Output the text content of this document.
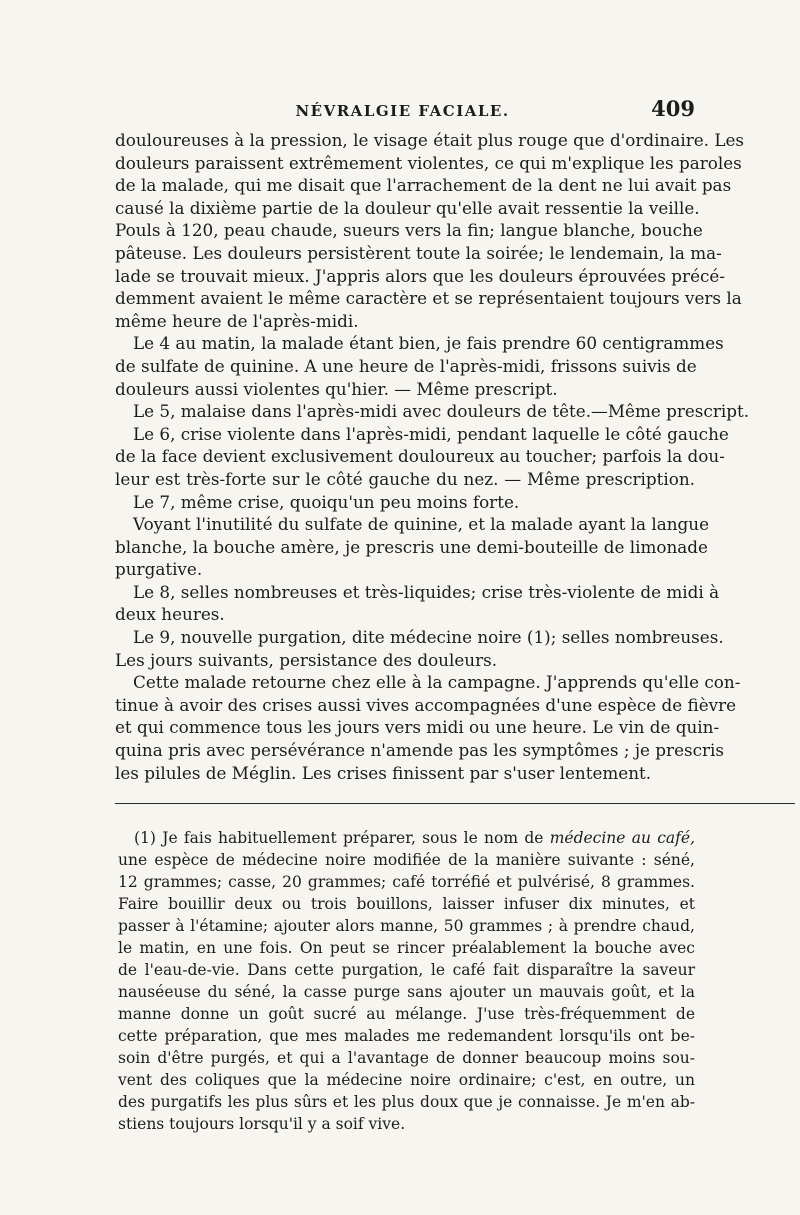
NÉVRALGIE FACIALE.	409
douloureuses à la pression, le visage était plus rouge que d'ordinaire. Les
douleurs paraissent extrêmement violentes, ce qui m'explique les paroles
de la malade, qui me disait que l'arrachement de la dent ne lui avait pas
causé la dixième partie de la douleur qu'elle avait ressentie la veille.
Pouls à 120, peau chaude, sueurs vers la fin; langue blanche, bouche
pâteuse. Les douleurs persistèrent toute la soirée; le lendemain, la ma-
lade se trouvait mieux. J'appris alors que les douleurs éprouvées précé-
demment avaient le même caractère et se représentaient toujours vers la
même heure de l'après-midi.
Le 4 au matin, la malade étant bien, je fais prendre 60 centigrammes
de sulfate de quinine. A une heure de l'après-midi, frissons suivis de
douleurs aussi violentes qu'hier. — Même prescript.
Le 5, malaise dans l'après-midi avec douleurs de tête.—Même prescript.
Le 6, crise violente dans l'après-midi, pendant laquelle le côté gauche
de la face devient exclusivement douloureux au toucher; parfois la dou-
leur est très-forte sur le côté gauche du nez. — Même prescription.
Le 7, même crise, quoiqu'un peu moins forte.
Voyant l'inutilité du sulfate de quinine, et la malade ayant la langue
blanche, la bouche amère, je prescris une demi-bouteille de limonade
purgative.
Le 8, selles nombreuses et très-liquides; crise très-violente de midi à
deux heures.
Le 9, nouvelle purgation, dite médecine noire (1); selles nombreuses.
Les jours suivants, persistance des douleurs.
Cette malade retourne chez elle à la campagne. J'apprends qu'elle con-
tinue à avoir des crises aussi vives accompagnées d'une espèce de fièvre
et qui commence tous les jours vers midi ou une heure. Le vin de quin-
quina pris avec persévérance n'amende pas les symptômes ; je prescris
les pilules de Méglin. Les crises finissent par s'user lentement.
(1) Je fais habituellement préparer, sous le nom de médecine au café,
une espèce de médecine noire modifiée de la manière suivante : séné,
12 grammes; casse, 20 grammes; café torréfié et pulvérisé, 8 grammes.
Faire bouillir deux ou trois bouillons, laisser infuser dix minutes, et
passer à l'étamine; ajouter alors manne, 50 grammes ; à prendre chaud,
le matin, en une fois. On peut se rincer préalablement la bouche avec
de l'eau-de-vie. Dans cette purgation, le café fait disparaître la saveur
nauséeuse du séné, la casse purge sans ajouter un mauvais goût, et la
manne donne un goût sucré au mélange. J'use très-fréquemment de
cette préparation, que mes malades me redemandent lorsqu'ils ont be-
soin d'être purgés, et qui a l'avantage de donner beaucoup moins sou-
vent des coliques que la médecine noire ordinaire; c'est, en outre, un
des purgatifs les plus sûrs et les plus doux que je connaisse. Je m'en ab-
stiens toujours lorsqu'il y a soif vive.
